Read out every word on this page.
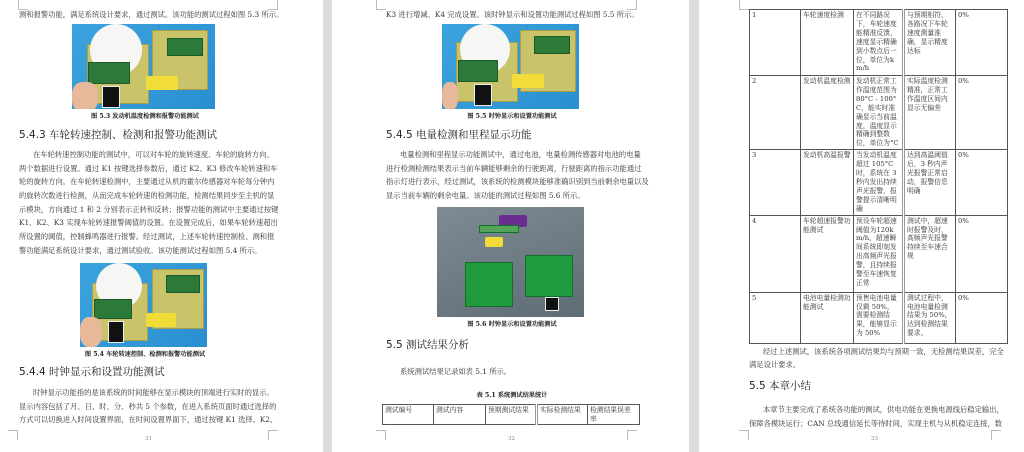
测和报警功能，满足系统设计要求，通过测试。该功能的测试过程如图 5.3 所示。
图 5.3 发动机温度检测和报警功能测试
5.4.3 车轮转速控制、检测和报警功能测试
在车轮转速控制功能的测试中，可以对车轮的旋转速度、车轮的旋转方向、
两个数据进行设置。通过 K1 按键选择参数后，通过 K2、K3 修改车轮转速和车
轮的旋转方向。在车轮转速检测中，主要通过从机的霍尔传感器对车轮每分钟内
的旋转次数进行检测，从而完成车轮转速的检测功能，检测结果同步至主机的显
示模块，方向通过 1 和 2 分别表示正转和反转；报警功能的测试中主要通过按键
K1、K2、K3 实现车轮转速报警阈值的设置。在设置完成后，如果车轮转速超出
所设置的阈值，控制蜂鸣器进行报警。经过测试，上述车轮转速控制检、测和报
警功能满足系统设计要求，通过测试验收。该功能测试过程如图 5.4 所示。
图 5.4 车轮转速控制、检测和报警功能测试
5.4.4 时钟显示和设置功能测试
时钟显示功能指的是该系统的时间能够在显示模块的顶端进行实时的显示。
显示内容包括了月、日、时、分、秒共 5 个参数，在进入系统页面时通过选择的
方式可以切换进入时间设置界面，在时间设置界面下，通过按键 K1 选择、K2、
31
K3 进行增减、K4 完成设置。该时钟显示和设置功能测试过程如图 5.5 所示。
图 5.5 时钟显示和设置功能测试
5.4.5 电量检测和里程显示功能
电量检测和里程显示功能测试中，通过电池，电量检测传感器对电池的电量
进行检测检测结果表示当前车辆能够剩余的行驶距离，行驶距离的指示功能通过
指示灯进行表示，经过测试，该系统的检测模块能够准确识别到当前剩余电量以及
显示当前车辆的剩余电量。该功能的测试过程如图 5.6 所示。
图 5.6 时钟显示和设置功能测试
5.5 测试结果分析
系统测试结果记录如表 5.1 所示。
表 5.1 系统测试结果统计
测试编号	测试内容	预期测试结果	实际检测结果	检测结果误差率
32
1	车轮速度检测	在不同路况下，车轮速度能精准反馈，速度显示精确到小数点后一位，单位为km/h	与预期相符，各路况下车轮速度测量准确，显示精度达标	0%
2	发动机温度检测	发动机正常工作温度范围为 80°C - 100°C，能实时准确显示当前温度，温度显示精确到整数位，单位为°C	实际温度检测精准，正常工作温度区间内显示无偏差	0%
3	发动机高温报警	当发动机温度超过 105°C 时，系统在 3 秒内发出持续声光报警，报警提示清晰明确	达到高温阈值后，3 秒内声光报警正常启动，报警信息明确	0%
4	车轮超速报警功能测试	预设车轮超速阈值为120km/h，超速瞬间系统即刻发出高频声光报警，且持续报警至车速恢复正常	测试中，超速时报警及时，高频声光报警持续至车速合规	0%
5	电池电量检测功能测试	预售电池电量仅剩 50%，需要检测结果，能够显示为 50%	测试过程中，电池电量检测结果为 50%，达到检测结果要求。	0%
经过上述测试，该系统各项测试结果均与预期一致，无检测结果误差，完全
满足设计要求。
5.5 本章小结
本章节主要完成了系统各功能的测试，供电功能在更换电源线后稳定输出，
保障各模块运行；CAN 总线通信延长等待时间，实现主机与从机稳定连接，数
33
